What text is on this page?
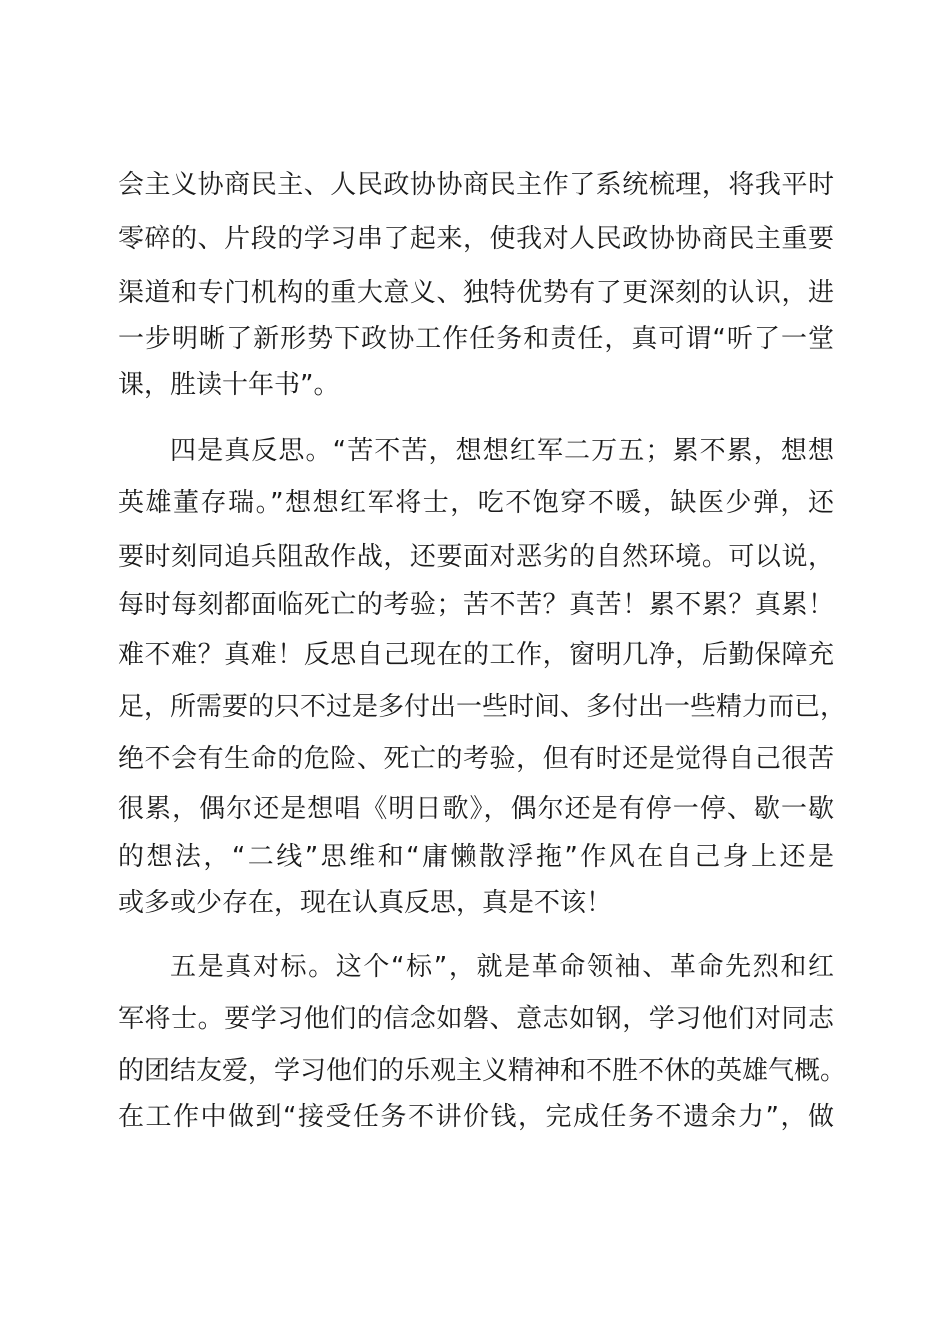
会主义协商民主、人民政协协商民主作了系统梳理，将我平时
零碎的、片段的学习串了起来，使我对人民政协协商民主重要
渠道和专门机构的重大意义、独特优势有了更深刻的认识，进
一步明晰了新形势下政协工作任务和责任，真可谓“听了一堂
课，胜读十年书”。
四是真反思。“苦不苦，想想红军二万五；累不累，想想
英雄董存瑞。”想想红军将士，吃不饱穿不暖，缺医少弹，还
要时刻同追兵阻敌作战，还要面对恶劣的自然环境。可以说，
每时每刻都面临死亡的考验；苦不苦？真苦！累不累？真累！
难不难？真难！反思自己现在的工作，窗明几净，后勤保障充
足，所需要的只不过是多付出一些时间、多付出一些精力而已，
绝不会有生命的危险、死亡的考验，但有时还是觉得自己很苦
很累，偶尔还是想唱《明日歌》，偶尔还是有停一停、歇一歇
的想法，“二线”思维和“庸懒散浮拖”作风在自己身上还是
或多或少存在，现在认真反思，真是不该！
五是真对标。这个“标”，就是革命领袖、革命先烈和红
军将士。要学习他们的信念如磐、意志如钢，学习他们对同志
的团结友爱，学习他们的乐观主义精神和不胜不休的英雄气概。
在工作中做到“接受任务不讲价钱，完成任务不遗余力”，做
